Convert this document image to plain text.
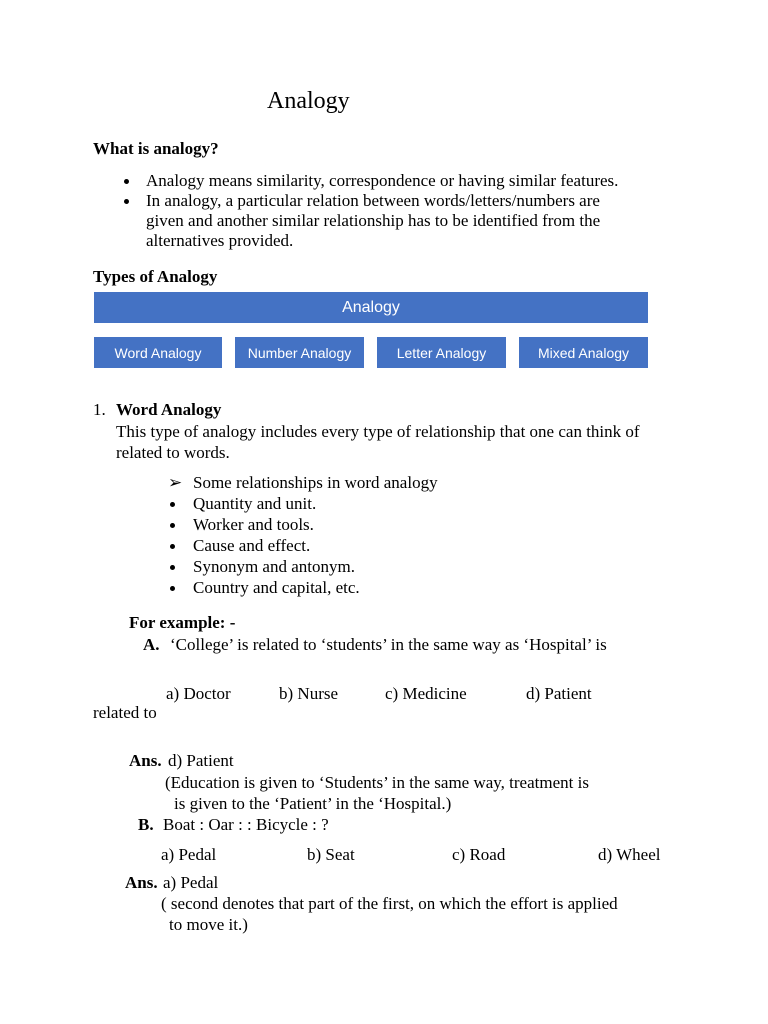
Analogy
What is analogy?
Analogy means similarity, correspondence or having similar features.
In analogy, a particular relation between words/letters/numbers are
given and another similar relationship has to be identified from the
alternatives provided.
Types of Analogy
Analogy
Word Analogy	Number Analogy	Letter Analogy	Mixed Analogy
1. Word Analogy
This type of analogy includes every type of relationship that one can think of
related to words.
➢ Some relationships in word analogy
Quantity and unit.
Worker and tools.
Cause and effect.
Synonym and antonym.
Country and capital, etc.
For example: -
A. ‘College’ is related to ‘students’ in the same way as ‘Hospital’ is
a) Doctor	b) Nurse	c) Medicine	d) Patient
related to
Ans. d) Patient
(Education is given to ‘Students’ in the same way, treatment is
is given to the ‘Patient’ in the ‘Hospital.)
B. Boat : Oar : : Bicycle : ?
a) Pedal	b) Seat	c) Road	d) Wheel
Ans. a) Pedal
( second denotes that part of the first, on which the effort is applied
to move it.)
